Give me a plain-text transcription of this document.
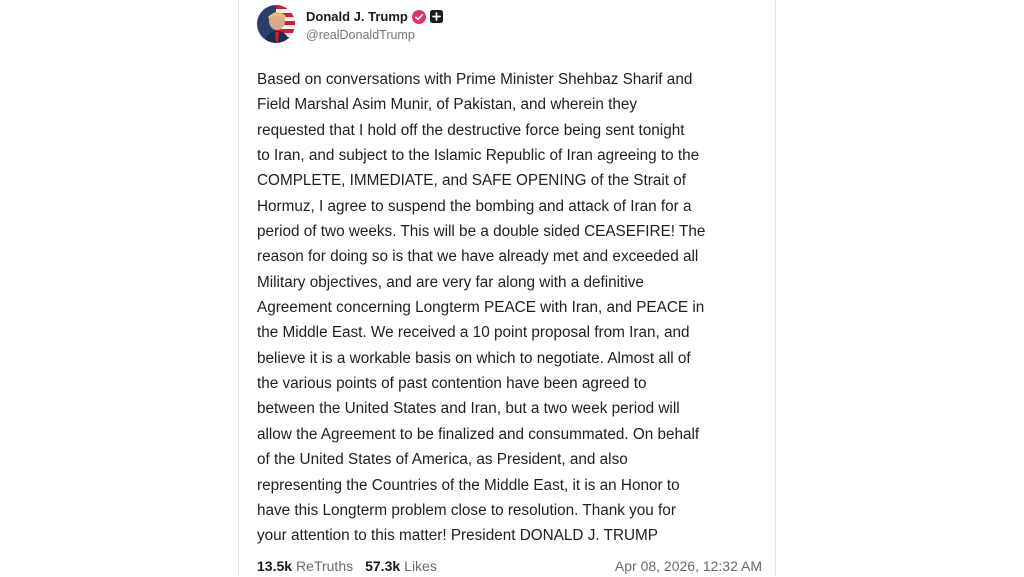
Donald J. Trump
@realDonaldTrump
Based on conversations with Prime Minister Shehbaz Sharif and
Field Marshal Asim Munir, of Pakistan, and wherein they
requested that I hold off the destructive force being sent tonight
to Iran, and subject to the Islamic Republic of Iran agreeing to the
COMPLETE, IMMEDIATE, and SAFE OPENING of the Strait of
Hormuz, I agree to suspend the bombing and attack of Iran for a
period of two weeks. This will be a double sided CEASEFIRE! The
reason for doing so is that we have already met and exceeded all
Military objectives, and are very far along with a definitive
Agreement concerning Longterm PEACE with Iran, and PEACE in
the Middle East. We received a 10 point proposal from Iran, and
believe it is a workable basis on which to negotiate. Almost all of
the various points of past contention have been agreed to
between the United States and Iran, but a two week period will
allow the Agreement to be finalized and consummated. On behalf
of the United States of America, as President, and also
representing the Countries of the Middle East, it is an Honor to
have this Longterm problem close to resolution. Thank you for
your attention to this matter! President DONALD J. TRUMP
13.5k ReTruths 57.3k Likes	Apr 08, 2026, 12:32 AM
